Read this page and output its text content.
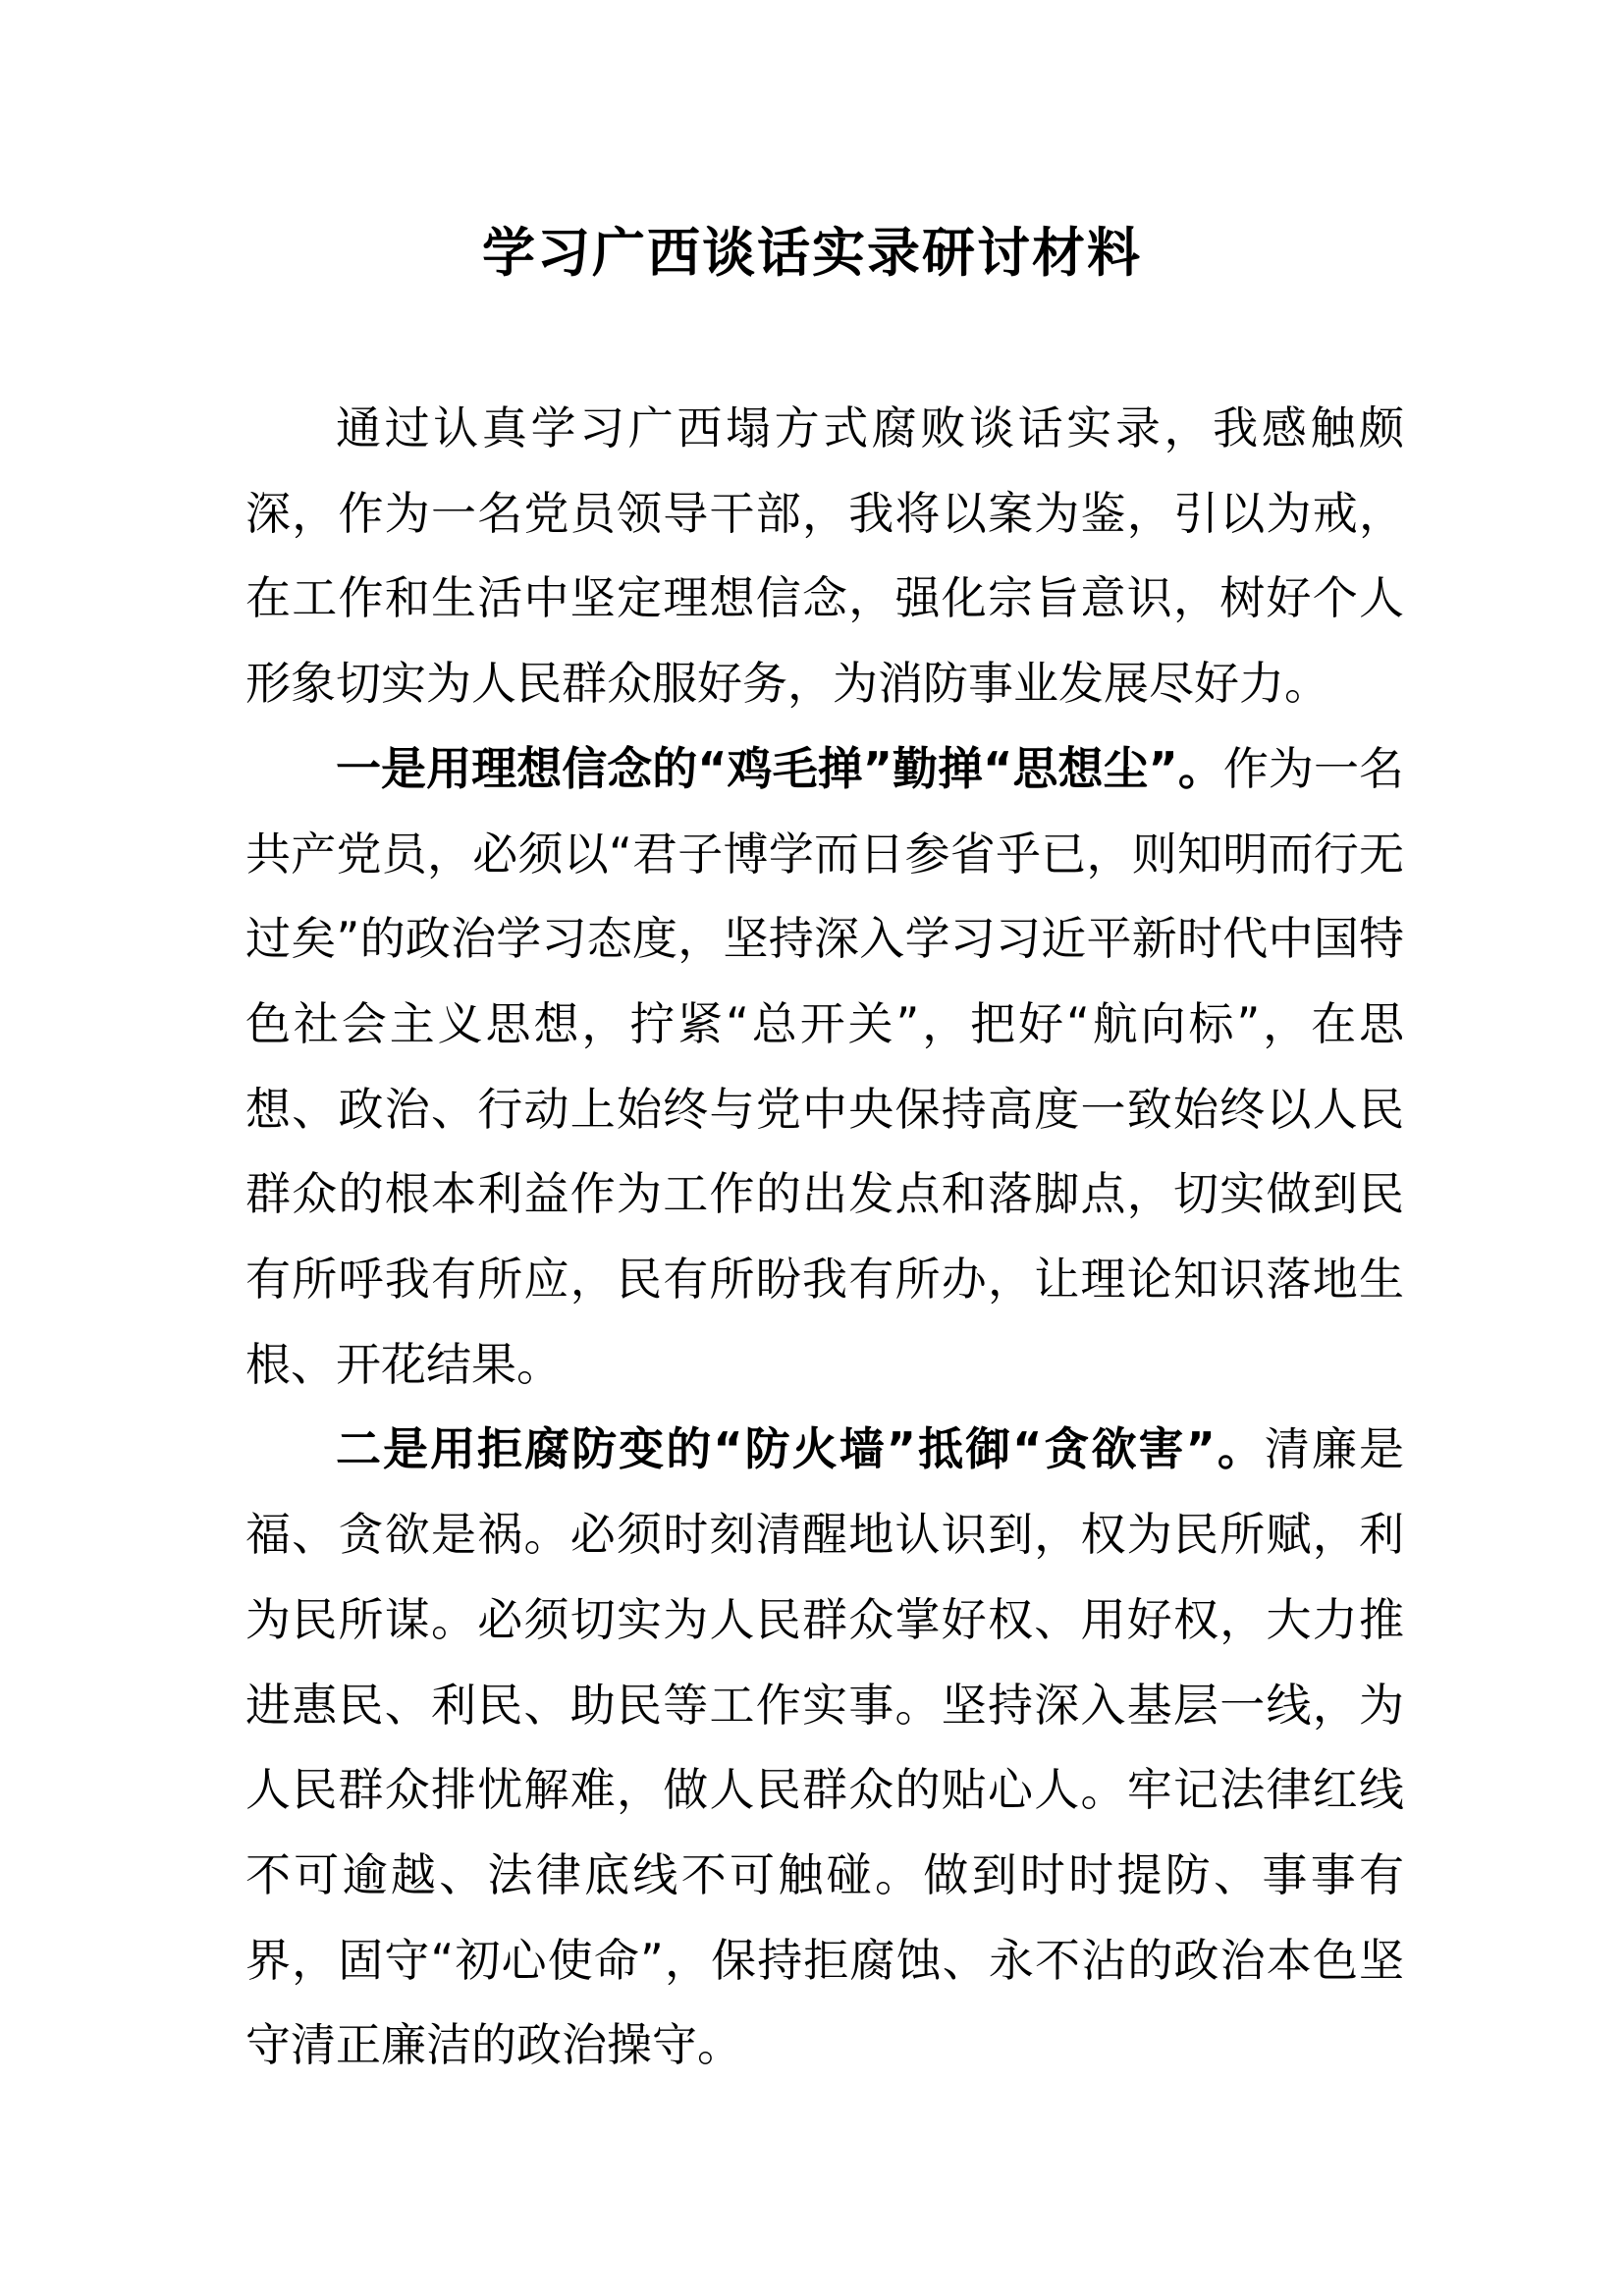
学习广西谈话实录研讨材料

通过认真学习广西塌方式腐败谈话实录，我感触颇深，作为一名党员领导干部，我将以案为鉴，引以为戒，在工作和生活中坚定理想信念，强化宗旨意识，树好个人形象切实为人民群众服好务，为消防事业发展尽好力。

一是用理想信念的“鸡毛掸”勤掸“思想尘”。作为一名共产党员，必须以“君子博学而日参省乎已，则知明而行无过矣”的政治学习态度，坚持深入学习习近平新时代中国特色社会主义思想，拧紧“总开关”，把好“航向标”，在思想、政治、行动上始终与党中央保持高度一致始终以人民群众的根本利益作为工作的出发点和落脚点，切实做到民有所呼我有所应，民有所盼我有所办，让理论知识落地生根、开花结果。

二是用拒腐防变的“防火墙”抵御“贪欲害”。清廉是福、贪欲是祸。必须时刻清醒地认识到，权为民所赋，利为民所谋。必须切实为人民群众掌好权、用好权，大力推进惠民、利民、助民等工作实事。坚持深入基层一线，为人民群众排忧解难，做人民群众的贴心人。牢记法律红线不可逾越、法律底线不可触碰。做到时时提防、事事有界，固守“初心使命”，保持拒腐蚀、永不沾的政治本色坚守清正廉洁的政治操守。
